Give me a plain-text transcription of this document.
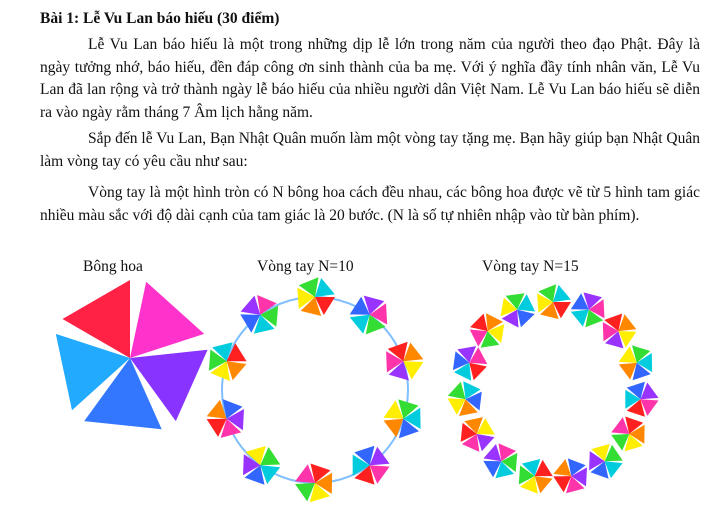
Bài 1: Lễ Vu Lan báo hiếu (30 điểm)
Lễ Vu Lan báo hiếu là một trong những dịp lễ lớn trong năm của người theo đạo Phật. Đây là ngày tưởng nhớ, báo hiếu, đền đáp công ơn sinh thành của ba mẹ. Với ý nghĩa đầy tính nhân văn, Lễ Vu Lan đã lan rộng và trở thành ngày lễ báo hiếu của nhiều người dân Việt Nam. Lễ Vu Lan báo hiếu sẽ diễn ra vào ngày rằm tháng 7 Âm lịch hằng năm.
Sắp đến lễ Vu Lan, Bạn Nhật Quân muốn làm một vòng tay tặng mẹ. Bạn hãy giúp bạn Nhật Quân làm vòng tay có yêu cầu như sau:
Vòng tay là một hình tròn có N bông hoa cách đều nhau, các bông hoa được vẽ từ 5 hình tam giác nhiều màu sắc với độ dài cạnh của tam giác là 20 bước. (N là số tự nhiên nhập vào từ bàn phím).
Bông hoa	Vòng tay N=10	Vòng tay N=15
